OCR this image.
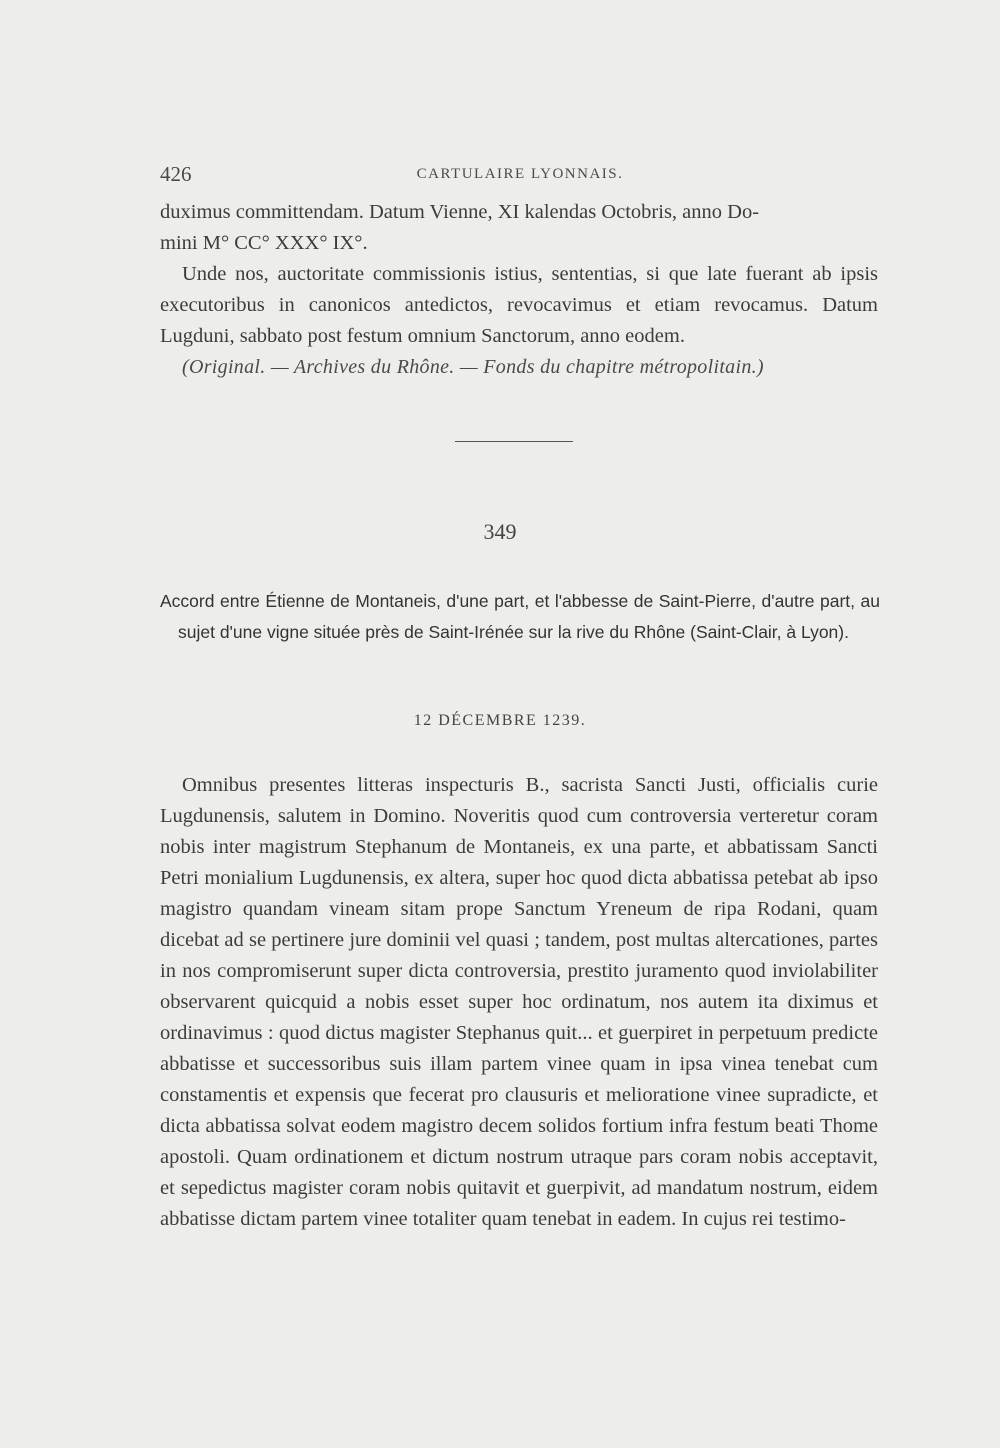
426	CARTULAIRE LYONNAIS.

duximus committendam. Datum Vienne, XI kalendas Octobris, anno Do-

mini M° CC° XXX° IX°.

Unde nos, auctoritate commissionis istius, sententias, si que late fuerant ab ipsis executoribus in canonicos antedictos, revocavimus et etiam revocamus. Datum Lugduni, sabbato post festum omnium Sanctorum, anno eodem.

(Original. — Archives du Rhône. — Fonds du chapitre métropolitain.)
349

Accord entre Étienne de Montaneis, d'une part, et l'abbesse de Saint-Pierre, d'autre part, au sujet d'une vigne située près de Saint-Irénée sur la rive du Rhône (Saint-Clair, à Lyon).

12 DÉCEMBRE 1239.

Omnibus presentes litteras inspecturis B., sacrista Sancti Justi, officialis curie Lugdunensis, salutem in Domino. Noveritis quod cum controversia verteretur coram nobis inter magistrum Stephanum de Montaneis, ex una parte, et abbatissam Sancti Petri monialium Lugdunensis, ex altera, super hoc quod dicta abbatissa petebat ab ipso magistro quandam vineam sitam prope Sanctum Yreneum de ripa Rodani, quam dicebat ad se pertinere jure dominii vel quasi ; tandem, post multas altercationes, partes in nos compromiserunt super dicta controversia, prestito juramento quod inviolabiliter observarent quicquid a nobis esset super hoc ordinatum, nos autem ita diximus et ordinavimus : quod dictus magister Stephanus quit... et guerpiret in perpetuum predicte abbatisse et successoribus suis illam partem vinee quam in ipsa vinea tenebat cum constamentis et expensis que fecerat pro clausuris et melioratione vinee supradicte, et dicta abbatissa solvat eodem magistro decem solidos fortium infra festum beati Thome apostoli. Quam ordinationem et dictum nostrum utraque pars coram nobis acceptavit, et sepedictus magister coram nobis quitavit et guerpivit, ad mandatum nostrum, eidem abbatisse dictam partem vinee totaliter quam tenebat in eadem. In cujus rei testimo-
